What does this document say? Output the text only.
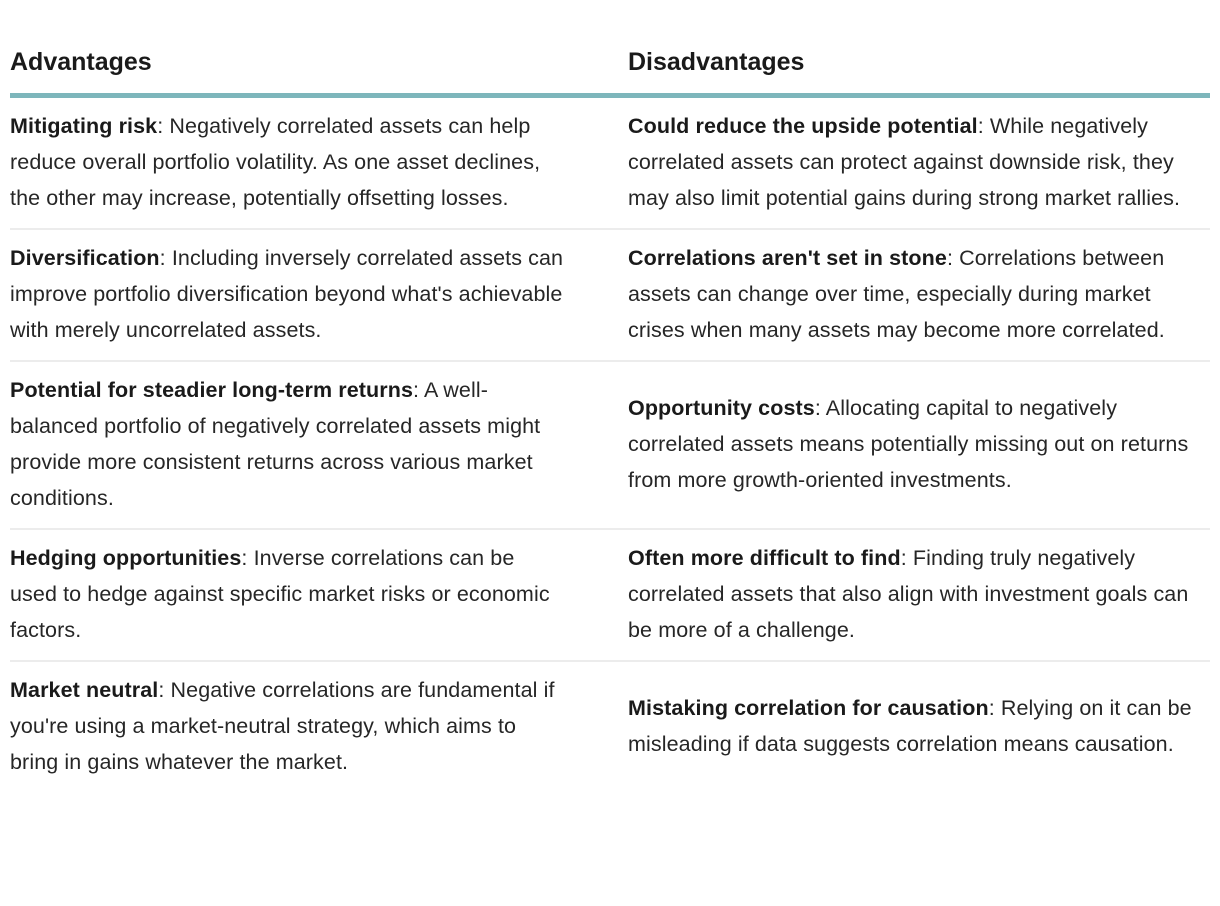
Advantages	Disadvantages

Mitigating risk: Negatively correlated assets can help reduce overall portfolio volatility. As one asset declines, the other may increase, potentially offsetting losses.	Could reduce the upside potential: While negatively correlated assets can protect against downside risk, they may also limit potential gains during strong market rallies.

Diversification: Including inversely correlated assets can improve portfolio diversification beyond what's achievable with merely uncorrelated assets.	Correlations aren't set in stone: Correlations between assets can change over time, especially during market crises when many assets may become more correlated.

Potential for steadier long-term returns: A well-balanced portfolio of negatively correlated assets might provide more consistent returns across various market conditions.	Opportunity costs: Allocating capital to negatively correlated assets means potentially missing out on returns from more growth-oriented investments.

Hedging opportunities: Inverse correlations can be used to hedge against specific market risks or economic factors.	Often more difficult to find: Finding truly negatively correlated assets that also align with investment goals can be more of a challenge.

Market neutral: Negative correlations are fundamental if you're using a market-neutral strategy, which aims to bring in gains whatever the market.	Mistaking correlation for causation: Relying on it can be misleading if data suggests correlation means causation.
